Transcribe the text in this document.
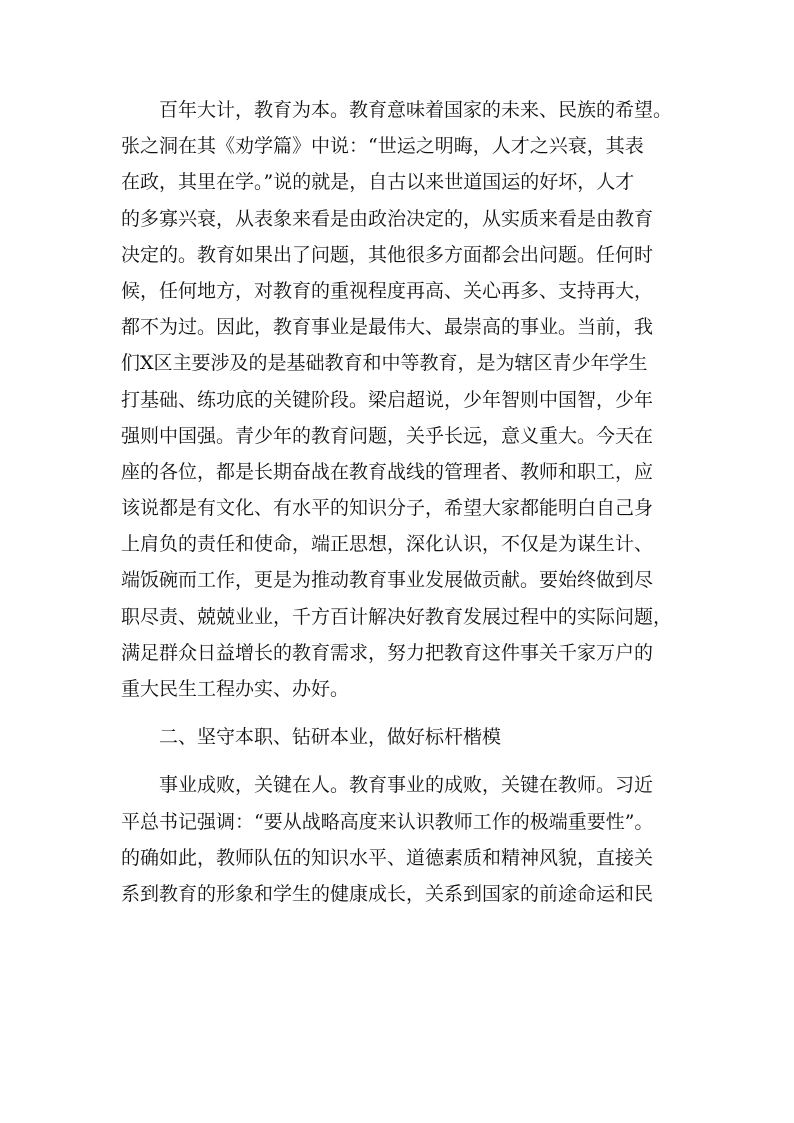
　　百年大计，教育为本。教育意味着国家的未来、民族的希望。
张之洞在其《劝学篇》中说：“世运之明晦，人才之兴衰，其表
在政，其里在学。”说的就是，自古以来世道国运的好坏，人才
的多寡兴衰，从表象来看是由政治决定的，从实质来看是由教育
决定的。教育如果出了问题，其他很多方面都会出问题。任何时
候，任何地方，对教育的重视程度再高、关心再多、支持再大，
都不为过。因此，教育事业是最伟大、最崇高的事业。当前，我
们X区主要涉及的是基础教育和中等教育，是为辖区青少年学生
打基础、练功底的关键阶段。梁启超说，少年智则中国智，少年
强则中国强。青少年的教育问题，关乎长远，意义重大。今天在
座的各位，都是长期奋战在教育战线的管理者、教师和职工，应
该说都是有文化、有水平的知识分子，希望大家都能明白自己身
上肩负的责任和使命，端正思想，深化认识，不仅是为谋生计、
端饭碗而工作，更是为推动教育事业发展做贡献。要始终做到尽
职尽责、兢兢业业，千方百计解决好教育发展过程中的实际问题，
满足群众日益增长的教育需求，努力把教育这件事关千家万户的
重大民生工程办实、办好。
　　二、坚守本职、钻研本业，做好标杆楷模
　　事业成败，关键在人。教育事业的成败，关键在教师。习近
平总书记强调：“要从战略高度来认识教师工作的极端重要性”。
的确如此，教师队伍的知识水平、道德素质和精神风貌，直接关
系到教育的形象和学生的健康成长，关系到国家的前途命运和民
